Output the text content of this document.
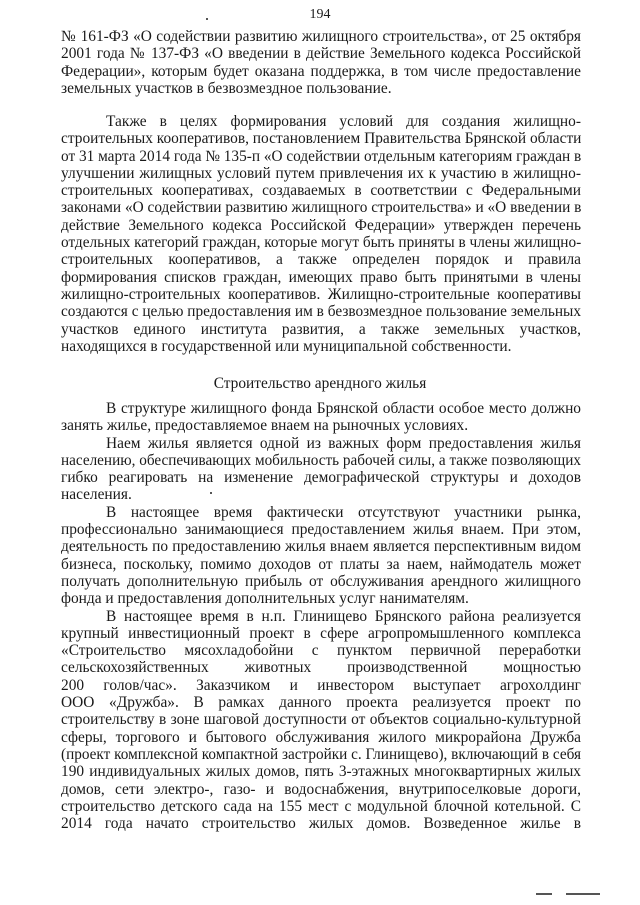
194
№ 161-ФЗ «О содействии развитию жилищного строительства», от 25 октября
2001 года № 137-ФЗ «О введении в действие Земельного кодекса Российской
Федерации», которым будет оказана поддержка, в том числе предоставление
земельных участков в безвозмездное пользование.
Также в целях формирования условий для создания жилищно-
строительных кооперативов, постановлением Правительства Брянской области
от 31 марта 2014 года № 135-п «О содействии отдельным категориям граждан в
улучшении жилищных условий путем привлечения их к участию в жилищно-
строительных кооперативах, создаваемых в соответствии с Федеральными
законами «О содействии развитию жилищного строительства» и «О введении в
действие Земельного кодекса Российской Федерации» утвержден перечень
отдельных категорий граждан, которые могут быть приняты в члены жилищно-
строительных кооперативов, а также определен порядок и правила
формирования списков граждан, имеющих право быть принятыми в члены
жилищно-строительных кооперативов. Жилищно-строительные кооперативы
создаются с целью предоставления им в безвозмездное пользование земельных
участков единого института развития, а также земельных участков,
находящихся в государственной или муниципальной собственности.
Строительство арендного жилья
В структуре жилищного фонда Брянской области особое место должно
занять жилье, предоставляемое внаем на рыночных условиях.
Наем жилья является одной из важных форм предоставления жилья
населению, обеспечивающих мобильность рабочей силы, а также позволяющих
гибко реагировать на изменение демографической структуры и доходов
населения.
В настоящее время фактически отсутствуют участники рынка,
профессионально занимающиеся предоставлением жилья внаем. При этом,
деятельность по предоставлению жилья внаем является перспективным видом
бизнеса, поскольку, помимо доходов от платы за наем, наймодатель может
получать дополнительную прибыль от обслуживания арендного жилищного
фонда и предоставления дополнительных услуг нанимателям.
В настоящее время в н.п. Глинищево Брянского района реализуется
крупный инвестиционный проект в сфере агропромышленного комплекса
«Строительство мясохладобойни с пунктом первичной переработки
сельскохозяйственных животных производственной мощностью
200 голов/час». Заказчиком и инвестором выступает агрохолдинг
ООО «Дружба». В рамках данного проекта реализуется проект по
строительству в зоне шаговой доступности от объектов социально-культурной
сферы, торгового и бытового обслуживания жилого микрорайона Дружба
(проект комплексной компактной застройки с. Глинищево), включающий в себя
190 индивидуальных жилых домов, пять 3-этажных многоквартирных жилых
домов, сети электро-, газо- и водоснабжения, внутрипоселковые дороги,
строительство детского сада на 155 мест с модульной блочной котельной. С
2014 года начато строительство жилых домов. Возведенное жилье в
